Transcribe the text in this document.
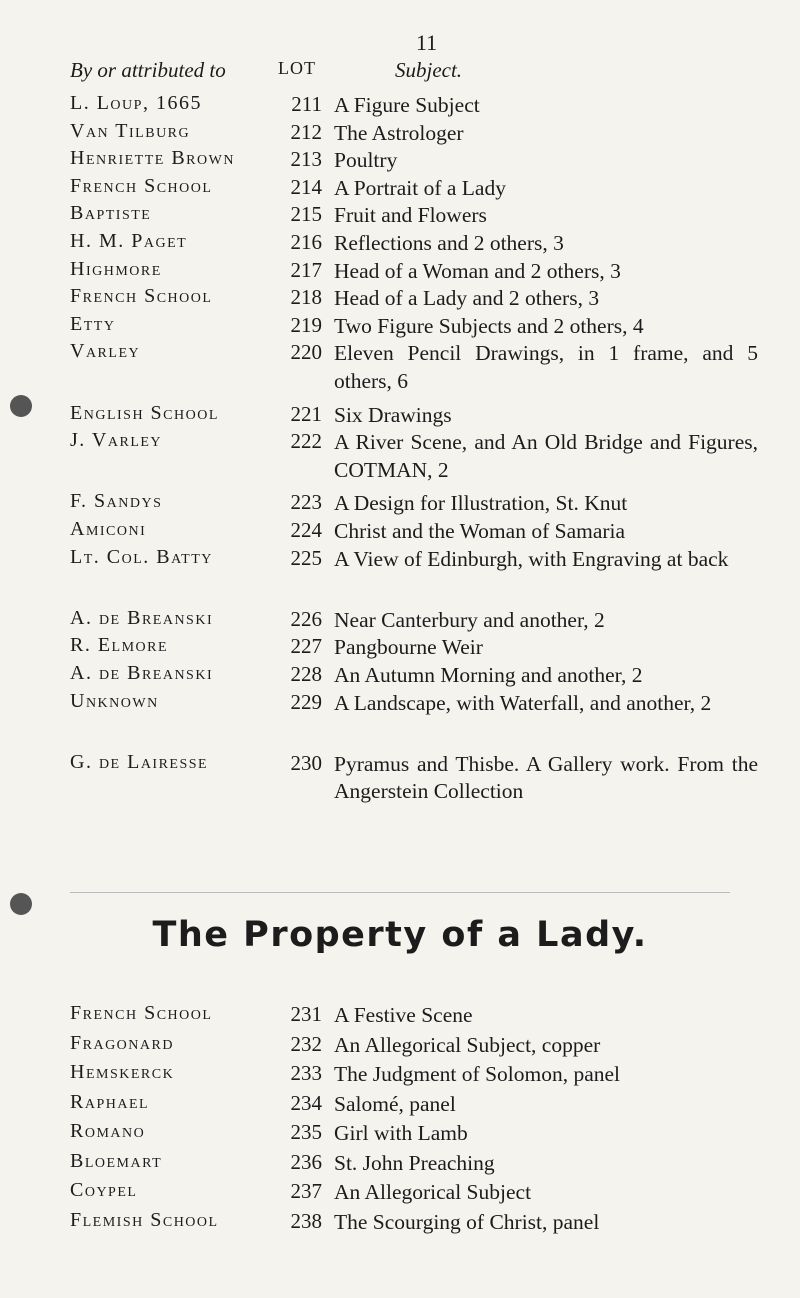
11
By or attributed to	LOT	Subject.
L. Loup, 1665	211 A Figure Subject
Van Tilburg	212 The Astrologer
Henriette Brown	213 Poultry
French School	214 A Portrait of a Lady
Baptiste	215 Fruit and Flowers
H. M. Paget	216 Reflections and 2 others, 3
Highmore	217 Head of a Woman and 2 others, 3
French School	218 Head of a Lady and 2 others, 3
Etty	219 Two Figure Subjects and 2 others, 4
Varley	220 Eleven Pencil Drawings, in 1 frame, and 5 others, 6
English School	221 Six Drawings
J. Varley	222 A River Scene, and An Old Bridge and Figures, COTMAN, 2
F. Sandys	223 A Design for Illustration, St. Knut
Amiconi	224 Christ and the Woman of Samaria
Lt. Col. Batty	225 A View of Edinburgh, with Engraving at back
A. de Breanski	226 Near Canterbury and another, 2
R. Elmore	227 Pangbourne Weir
A. de Breanski	228 An Autumn Morning and another, 2
Unknown	229 A Landscape, with Waterfall, and another, 2
G. de Lairesse	230 Pyramus and Thisbe. A Gallery work. From the Angerstein Collection
The Property of a Lady.
French School	231 A Festive Scene
Fragonard	232 An Allegorical Subject, copper
Hemskerck	233 The Judgment of Solomon, panel
Raphael	234 Salomé, panel
Romano	235 Girl with Lamb
Bloemart	236 St. John Preaching
Coypel	237 An Allegorical Subject
Flemish School	238 The Scourging of Christ, panel
